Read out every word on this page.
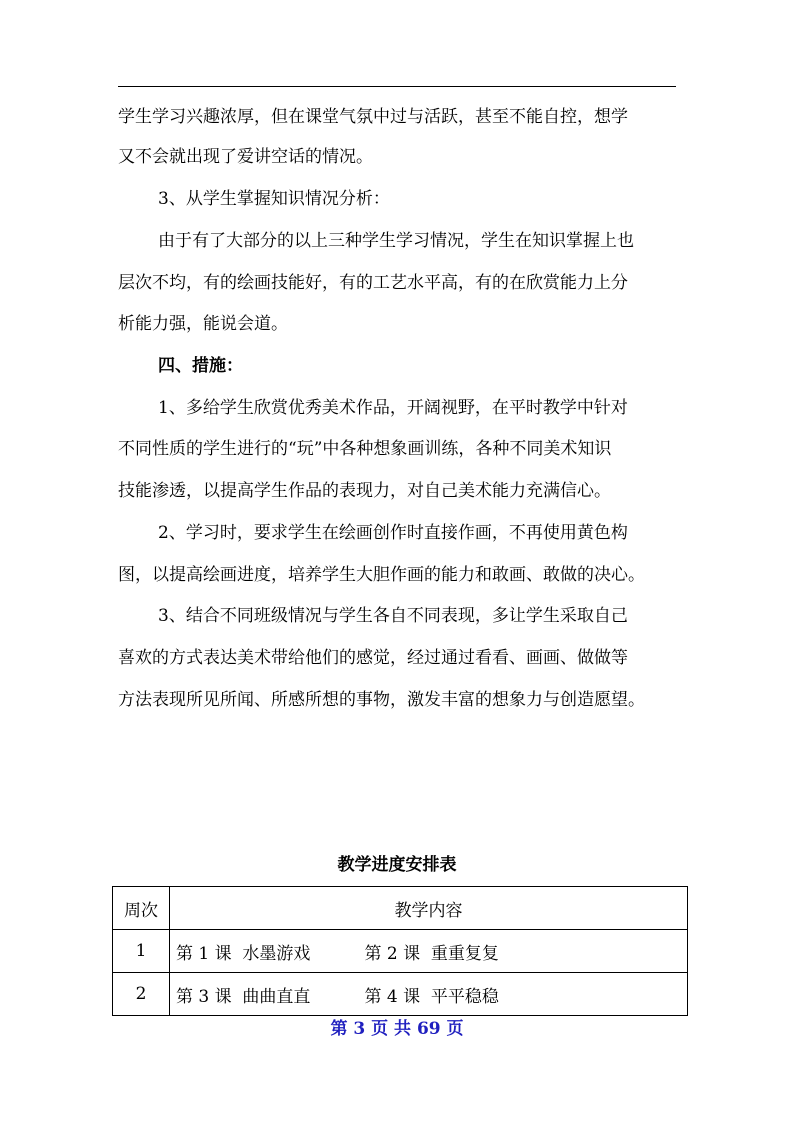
学生学习兴趣浓厚，但在课堂气氛中过与活跃，甚至不能自控，想学
又不会就出现了爱讲空话的情况。
3、从学生掌握知识情况分析：
由于有了大部分的以上三种学生学习情况，学生在知识掌握上也
层次不均，有的绘画技能好，有的工艺水平高，有的在欣赏能力上分
析能力强，能说会道。
四、措施：
1、多给学生欣赏优秀美术作品，开阔视野，在平时教学中针对
不同性质的学生进行的“玩”中各种想象画训练，各种不同美术知识
技能渗透，以提高学生作品的表现力，对自己美术能力充满信心。
2、学习时，要求学生在绘画创作时直接作画，不再使用黄色构
图，以提高绘画进度，培养学生大胆作画的能力和敢画、敢做的决心。
3、结合不同班级情况与学生各自不同表现，多让学生采取自己
喜欢的方式表达美术带给他们的感觉，经过通过看看、画画、做做等
方法表现所见所闻、所感所想的事物，激发丰富的想象力与创造愿望。
教学进度安排表
周次	教学内容
1	第 1 课  水墨游戏          第 2 课  重重复复
2	第 3 课  曲曲直直          第 4 课  平平稳稳
第 3 页 共 69 页
